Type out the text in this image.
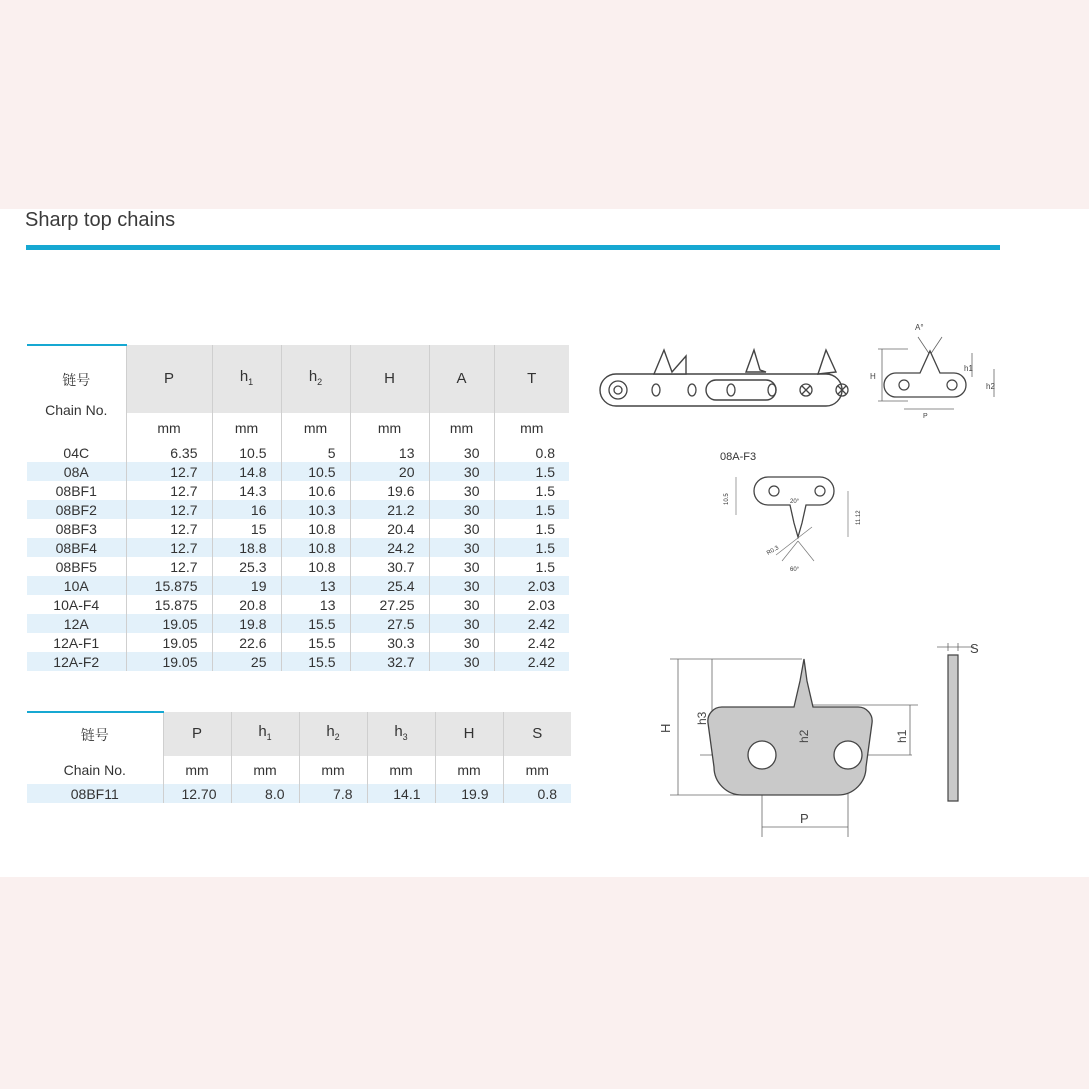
Sharp top chains
链号
Chain No.	P	$h_1$	$h_2$	H	A	T
	mm	mm	mm	mm	mm	mm
04C	6.35	10.5	5	13	30	0.8
08A	12.7	14.8	10.5	20	30	1.5
08BF1	12.7	14.3	10.6	19.6	30	1.5
08BF2	12.7	16	10.3	21.2	30	1.5
08BF3	12.7	15	10.8	20.4	30	1.5
08BF4	12.7	18.8	10.8	24.2	30	1.5
08BF5	12.7	25.3	10.8	30.7	30	1.5
10A	15.875	19	13	25.4	30	2.03
10A-F4	15.875	20.8	13	27.25	30	2.03
12A	19.05	19.8	15.5	27.5	30	2.42
12A-F1	19.05	22.6	15.5	30.3	30	2.42
12A-F2	19.05	25	15.5	32.7	30	2.42
链号	P	$h_1$	$h_2$	$h_3$	H	S
Chain No.	mm	mm	mm	mm	mm	mm
08BF11	12.70	8.0	7.8	14.1	19.9	0.8
A°
H
h1
h2
P
08A-F3
10.5	20°
11.12
R0.3
60°
H
h3
h2	h1
P
S
